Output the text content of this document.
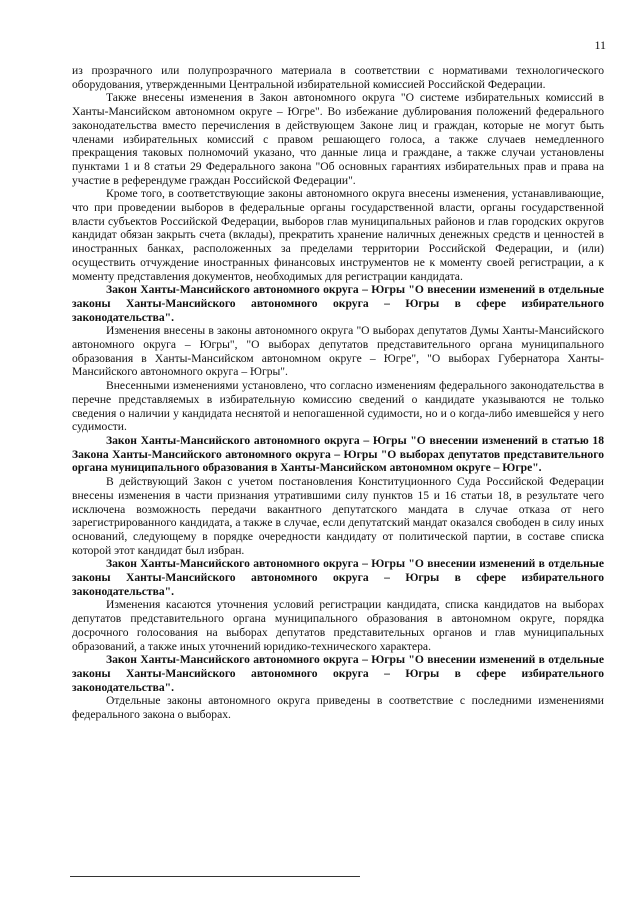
11

из прозрачного или полупрозрачного материала в соответствии с нормативами технологического оборудования, утвержденными Центральной избирательной комиссией Российской Федерации.

Также внесены изменения в Закон автономного округа "О системе избирательных комиссий в Ханты-Мансийском автономном округе – Югре". Во избежание дублирования положений федерального законодательства вместо перечисления в действующем Законе лиц и граждан, которые не могут быть членами избирательных комиссий с правом решающего голоса, а также случаев немедленного прекращения таковых полномочий указано, что данные лица и граждане, а также случаи установлены пунктами 1 и 8 статьи 29 Федерального закона "Об основных гарантиях избирательных прав и права на участие в референдуме граждан Российской Федерации".

Кроме того, в соответствующие законы автономного округа внесены изменения, устанавливающие, что при проведении выборов в федеральные органы государственной власти, органы государственной власти субъектов Российской Федерации, выборов глав муниципальных районов и глав городских округов кандидат обязан закрыть счета (вклады), прекратить хранение наличных денежных средств и ценностей в иностранных банках, расположенных за пределами территории Российской Федерации, и (или) осуществить отчуждение иностранных финансовых инструментов не к моменту своей регистрации, а к моменту представления документов, необходимых для регистрации кандидата.

Закон Ханты-Мансийского автономного округа – Югры "О внесении изменений в отдельные законы Ханты-Мансийского автономного округа – Югры в сфере избирательного законодательства".

Изменения внесены в законы автономного округа "О выборах депутатов Думы Ханты-Мансийского автономного округа – Югры", "О выборах депутатов представительного органа муниципального образования в Ханты-Мансийском автономном округе – Югре", "О выборах Губернатора Ханты-Мансийского автономного округа – Югры".

Внесенными изменениями установлено, что согласно изменениям федерального законодательства в перечне представляемых в избирательную комиссию сведений о кандидате указываются не только сведения о наличии у кандидата неснятой и непогашенной судимости, но и о когда-либо имевшейся у него судимости.

Закон Ханты-Мансийского автономного округа – Югры "О внесении изменений в статью 18 Закона Ханты-Мансийского автономного округа – Югры "О выборах депутатов представительного органа муниципального образования в Ханты-Мансийском автономном округе – Югре".

В действующий Закон с учетом постановления Конституционного Суда Российской Федерации внесены изменения в части признания утратившими силу пунктов 15 и 16 статьи 18, в результате чего исключена возможность передачи вакантного депутатского мандата в случае отказа от него зарегистрированного кандидата, а также в случае, если депутатский мандат оказался свободен в силу иных оснований, следующему в порядке очередности кандидату от политической партии, в составе списка которой этот кандидат был избран.

Закон Ханты-Мансийского автономного округа – Югры "О внесении изменений в отдельные законы Ханты-Мансийского автономного округа – Югры в сфере избирательного законодательства".

Изменения касаются уточнения условий регистрации кандидата, списка кандидатов на выборах депутатов представительного органа муниципального образования в автономном округе, порядка досрочного голосования на выборах депутатов представительных органов и глав муниципальных образований, а также иных уточнений юридико-технического характера.

Закон Ханты-Мансийского автономного округа – Югры "О внесении изменений в отдельные законы Ханты-Мансийского автономного округа – Югры в сфере избирательного законодательства".

Отдельные законы автономного округа приведены в соответствие с последними изменениями федерального закона о выборах.
